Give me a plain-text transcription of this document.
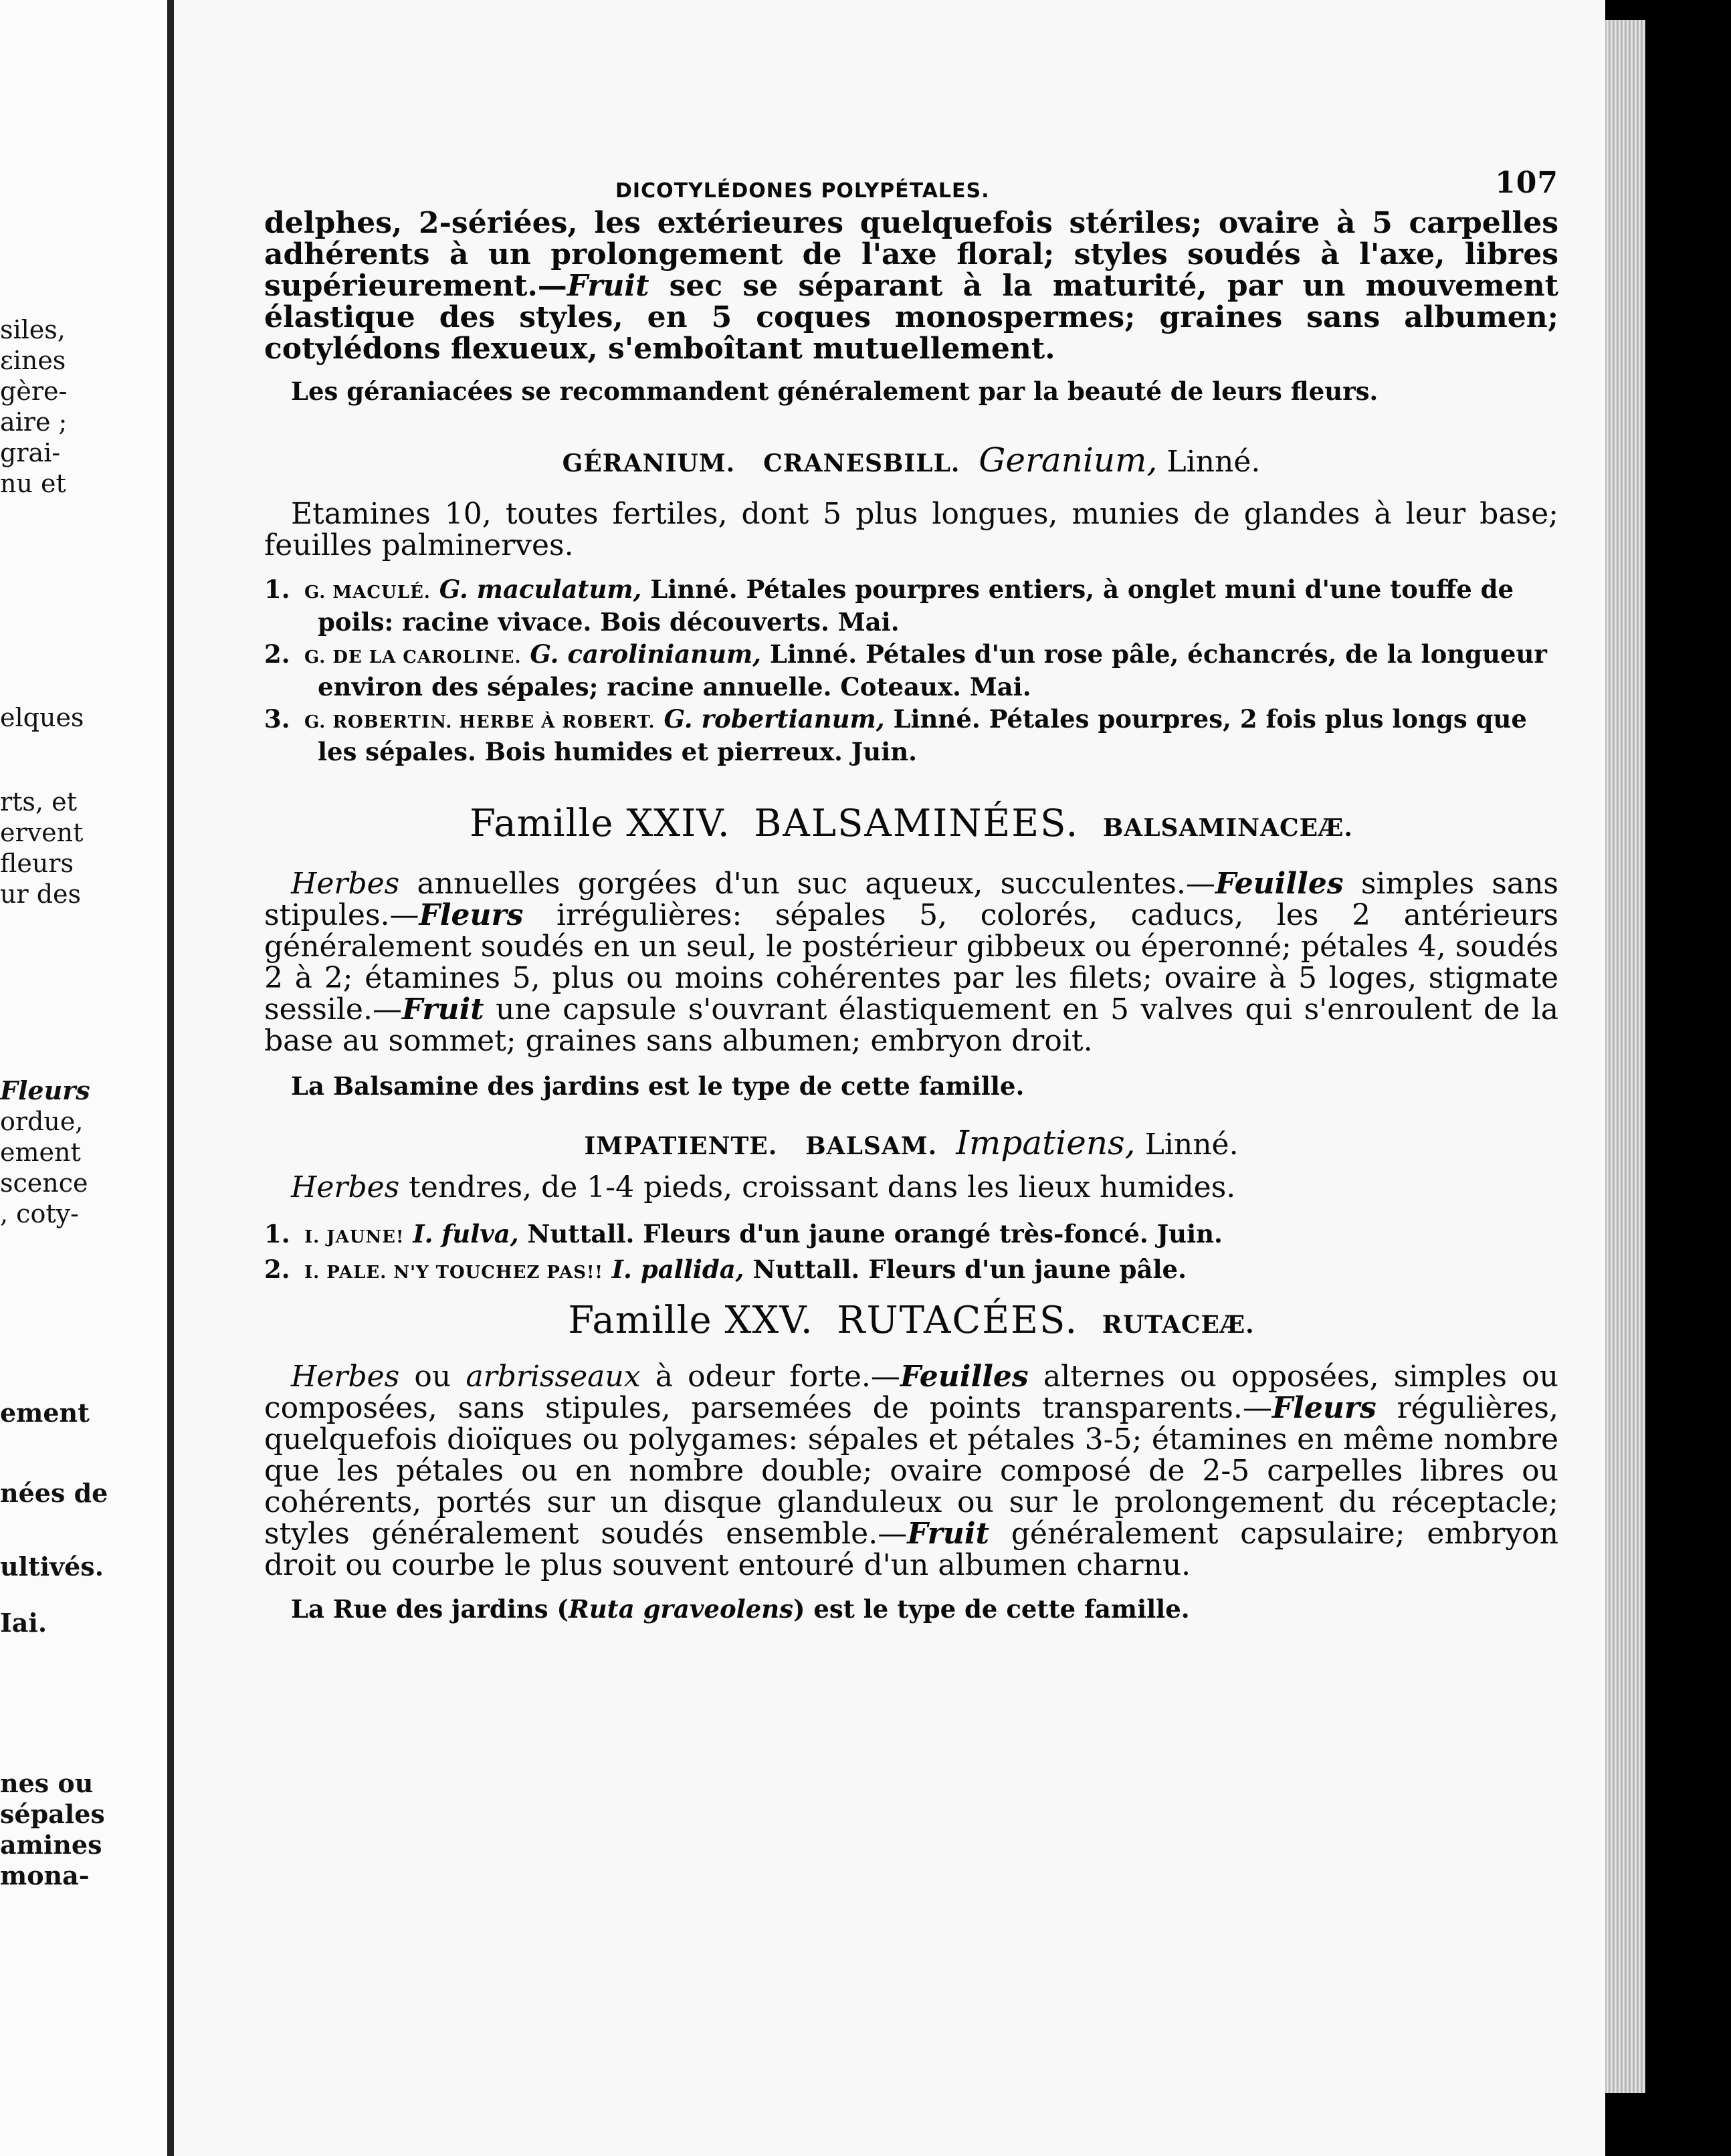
siles,
ɛines
gère-
aire ;
grai-
nu et
elques
rts, et
ervent
fleurs
ur des
Fleurs
ordue,
ement
scence
, coty-
ement
nées de
ultivés.
Iai.
nes ou
sépales
amines
mona-
DICOTYLÉDONES POLYPÉTALES.	107

delphes, 2-sériées, les extérieures quelquefois stériles; ovaire à 5 carpelles adhérents à un prolongement de l'axe floral; styles soudés à l'axe, libres supérieurement.—Fruit sec se séparant à la maturité, par un mouvement élastique des styles, en 5 coques monospermes; graines sans albumen; cotylédons flexueux, s'emboîtant mutuellement.

Les géraniacées se recommandent généralement par la beauté de leurs fleurs.

GÉRANIUM. CRANESBILL. Geranium, Linné.

Etamines 10, toutes fertiles, dont 5 plus longues, munies de glandes à leur base; feuilles palminerves.

1. G. MACULÉ. G. maculatum, Linné. Pétales pourpres entiers, à onglet muni d'une touffe de poils: racine vivace. Bois découverts. Mai.

2. G. DE LA CAROLINE. G. carolinianum, Linné. Pétales d'un rose pâle, échancrés, de la longueur environ des sépales; racine annuelle. Coteaux. Mai.

3. G. ROBERTIN. HERBE À ROBERT. G. robertianum, Linné. Pétales pourpres, 2 fois plus longs que les sépales. Bois humides et pierreux. Juin.

Famille XXIV. BALSAMINÉES. BALSAMINACEÆ.

Herbes annuelles gorgées d'un suc aqueux, succulentes.—Feuilles simples sans stipules.—Fleurs irrégulières: sépales 5, colorés, caducs, les 2 antérieurs généralement soudés en un seul, le postérieur gibbeux ou éperonné; pétales 4, soudés 2 à 2; étamines 5, plus ou moins cohérentes par les filets; ovaire à 5 loges, stigmate sessile.—Fruit une capsule s'ouvrant élastiquement en 5 valves qui s'enroulent de la base au sommet; graines sans albumen; embryon droit.

La Balsamine des jardins est le type de cette famille.

IMPATIENTE. BALSAM. Impatiens, Linné.

Herbes tendres, de 1-4 pieds, croissant dans les lieux humides.

1. I. JAUNE! I. fulva, Nuttall. Fleurs d'un jaune orangé très-foncé. Juin.

2. I. PALE. N'Y TOUCHEZ PAS!! I. pallida, Nuttall. Fleurs d'un jaune pâle.

Famille XXV. RUTACÉES. RUTACEÆ.

Herbes ou arbrisseaux à odeur forte.—Feuilles alternes ou opposées, simples ou composées, sans stipules, parsemées de points transparents.—Fleurs régulières, quelquefois dioïques ou polygames: sépales et pétales 3-5; étamines en même nombre que les pétales ou en nombre double; ovaire composé de 2-5 carpelles libres ou cohérents, portés sur un disque glanduleux ou sur le prolongement du réceptacle; styles généralement soudés ensemble.—Fruit généralement capsulaire; embryon droit ou courbe le plus souvent entouré d'un albumen charnu.

La Rue des jardins (Ruta graveolens) est le type de cette famille.
